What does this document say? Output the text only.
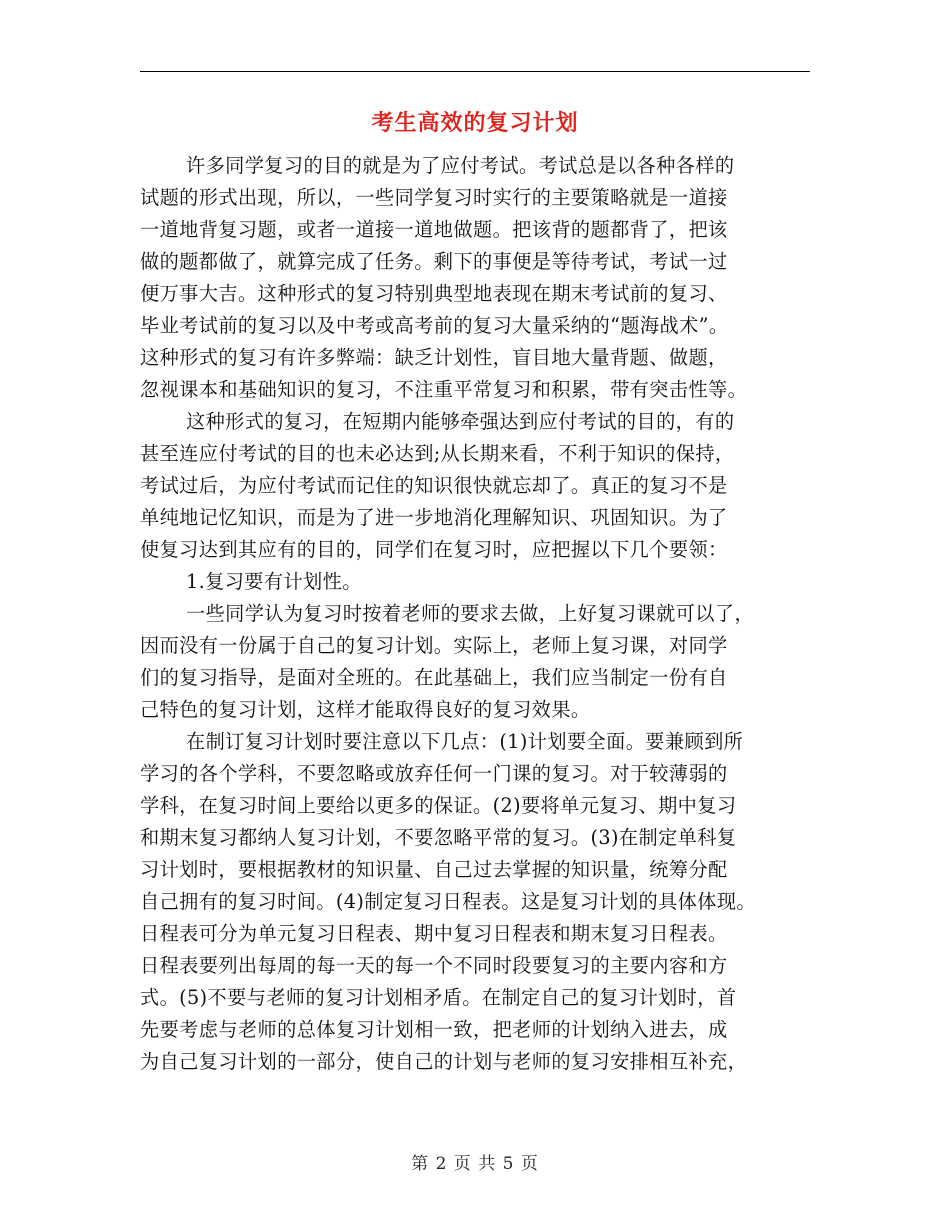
考生高效的复习计划
许多同学复习的目的就是为了应付考试。考试总是以各种各样的
试题的形式出现，所以，一些同学复习时实行的主要策略就是一道接
一道地背复习题，或者一道接一道地做题。把该背的题都背了，把该
做的题都做了，就算完成了任务。剩下的事便是等待考试，考试一过
便万事大吉。这种形式的复习特别典型地表现在期末考试前的复习、
毕业考试前的复习以及中考或高考前的复习大量采纳的“题海战术”。
这种形式的复习有许多弊端：缺乏计划性，盲目地大量背题、做题，
忽视课本和基础知识的复习，不注重平常复习和积累，带有突击性等。
这种形式的复习，在短期内能够牵强达到应付考试的目的，有的
甚至连应付考试的目的也未必达到;从长期来看，不利于知识的保持，
考试过后，为应付考试而记住的知识很快就忘却了。真正的复习不是
单纯地记忆知识，而是为了进一步地消化理解知识、巩固知识。为了
使复习达到其应有的目的，同学们在复习时，应把握以下几个要领：
1.复习要有计划性。
一些同学认为复习时按着老师的要求去做，上好复习课就可以了，
因而没有一份属于自己的复习计划。实际上，老师上复习课，对同学
们的复习指导，是面对全班的。在此基础上，我们应当制定一份有自
己特色的复习计划，这样才能取得良好的复习效果。
在制订复习计划时要注意以下几点：(1)计划要全面。要兼顾到所
学习的各个学科，不要忽略或放弃任何一门课的复习。对于较薄弱的
学科，在复习时间上要给以更多的保证。(2)要将单元复习、期中复习
和期末复习都纳人复习计划，不要忽略平常的复习。(3)在制定单科复
习计划时，要根据教材的知识量、自己过去掌握的知识量，统筹分配
自己拥有的复习时间。(4)制定复习日程表。这是复习计划的具体体现。
日程表可分为单元复习日程表、期中复习日程表和期末复习日程表。
日程表要列出每周的每一天的每一个不同时段要复习的主要内容和方
式。(5)不要与老师的复习计划相矛盾。在制定自己的复习计划时，首
先要考虑与老师的总体复习计划相一致，把老师的计划纳入进去，成
为自己复习计划的一部分，使自己的计划与老师的复习安排相互补充，
第 2 页 共 5 页
